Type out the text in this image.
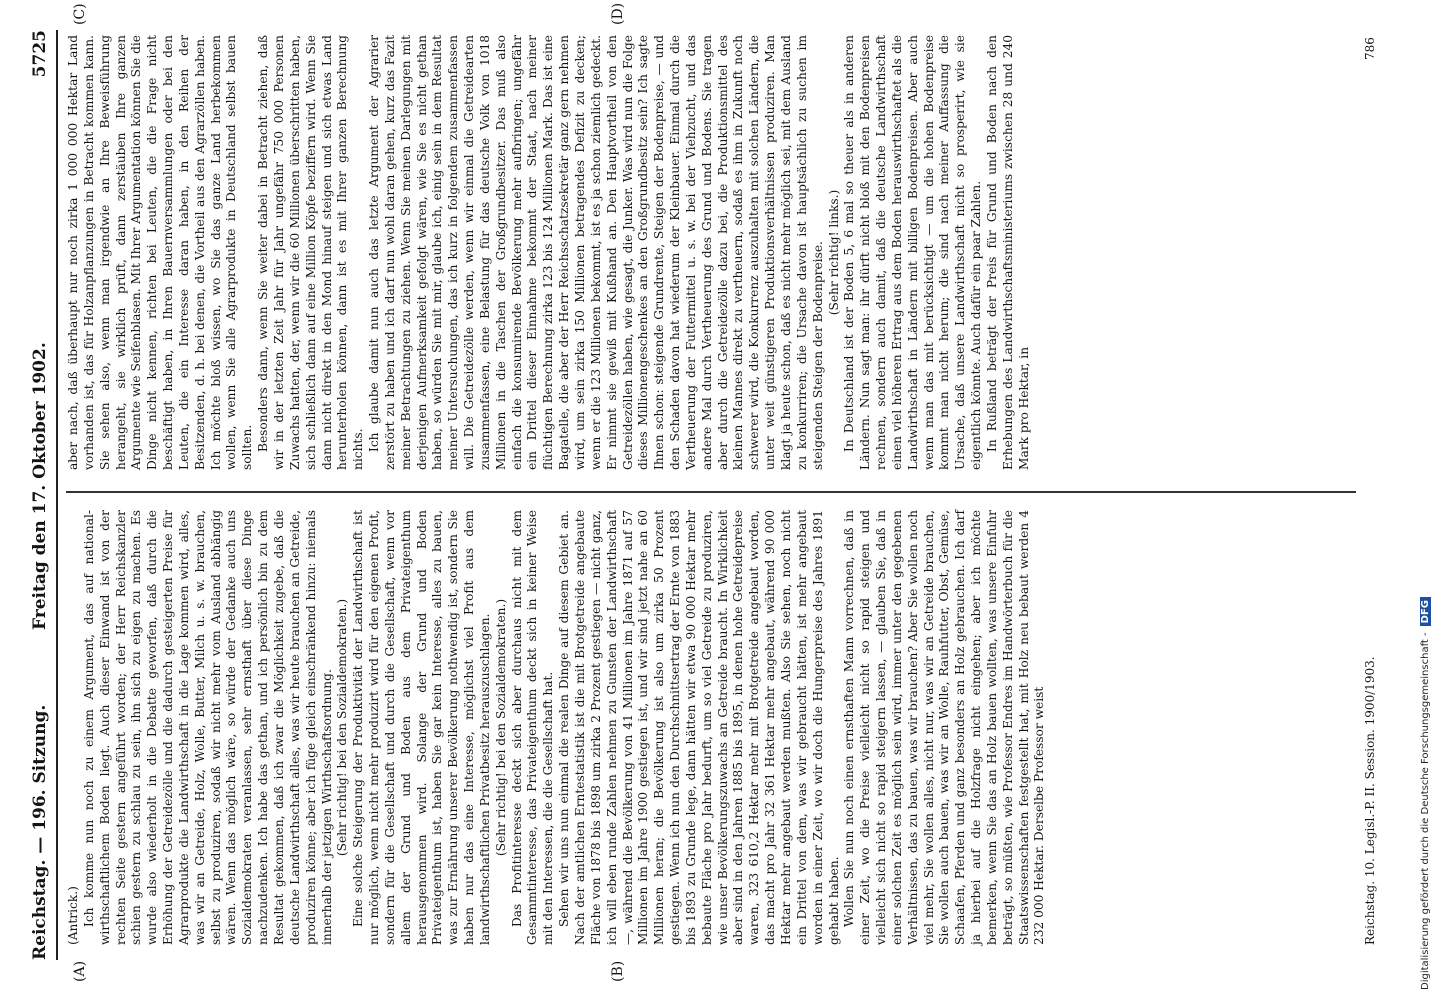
Reichstag. — 196. Sitzung.
Freitag den 17. Oktober 1902.
5725
(A)	(B)
(C)	(D)

(Antrick.) Ich komme nun noch zu einem Argument, das auf national-wirthschaftlichem Boden liegt. Auch dieser Einwand ist von der rechten Seite gestern angeführt worden; der Herr Reichskanzler schien gestern zu schlau zu sein, ihn sich zu eigen zu machen. Es wurde also wiederholt in die Debatte geworfen, daß durch die Erhöhung der Getreidezölle und die dadurch gesteigerten Preise für Agrarprodukte die Landwirthschaft in die Lage kommen wird, alles, was wir an Getreide, Holz, Wolle, Butter, Milch u. s. w. brauchen, selbst zu produziren, sodaß wir nicht mehr vom Ausland abhängig wären. Wenn das möglich wäre, so würde der Gedanke auch uns Sozialdemokraten veranlassen, sehr ernsthaft über diese Dinge nachzudenken. Ich habe das gethan, und ich persönlich bin zu dem Resultat gekommen, daß ich zwar die Möglichkeit zugebe, daß die deutsche Landwirthschaft alles, was wir heute brauchen an Getreide, produziren könne; aber ich füge gleich einschränkend hinzu: niemals innerhalb der jetzigen Wirthschaftsordnung. (Sehr richtig! bei den Sozialdemokraten.) Eine solche Steigerung der Produktivität der Landwirthschaft ist nur möglich, wenn nicht mehr produzirt wird für den eigenen Profit, sondern für die Gesellschaft und durch die Gesellschaft, wenn vor allem der Grund und Boden aus dem Privateigenthum herausgenommen wird. Solange der Grund und Boden Privateigenthum ist, haben Sie gar kein Interesse, alles zu bauen, was zur Ernährung unserer Bevölkerung nothwendig ist, sondern Sie haben nur das eine Interesse, möglichst viel Profit aus dem landwirthschaftlichen Privatbesitz herauszuschlagen. (Sehr richtig! bei den Sozialdemokraten.) Das Profitinteresse deckt sich aber durchaus nicht mit dem Gesammtinteresse, das Privateigenthum deckt sich in keiner Weise mit den Interessen, die die Gesellschaft hat. Sehen wir uns nun einmal die realen Dinge auf diesem Gebiet an. Nach der amtlichen Erntestatistik ist die mit Brotgetreide angebaute Fläche von 1878 bis 1898 um zirka 2 Prozent gestiegen — nicht ganz, ich will eben runde Zahlen nehmen zu Gunsten der Landwirthschaft —, während die Bevölkerung von 41 Millionen im Jahre 1871 auf 57 Millionen im Jahre 1900 gestiegen ist, und wir sind jetzt nahe an 60 Millionen heran; die Bevölkerung ist also um zirka 50 Prozent gestiegen. Wenn ich nun den Durchschnittsertrag der Ernte von 1883 bis 1893 zu Grunde lege, dann hätten wir etwa 90 000 Hektar mehr bebaute Fläche pro Jahr bedurft, um so viel Getreide zu produziren, wie unser Bevölkerungszuwachs an Getreide braucht. In Wirklichkeit aber sind in den Jahren 1885 bis 1895, in denen hohe Getreidepreise waren, 323 610,2 Hektar mehr mit Brotgetreide angebaut worden, das macht pro Jahr 32 361 Hektar mehr angebaut, während 90 000 Hektar mehr angebaut werden mußten. Also Sie sehen, noch nicht ein Drittel von dem, was wir gebraucht hätten, ist mehr angebaut worden in einer Zeit, wo wir doch die Hungerpreise des Jahres 1891 gehabt haben. Wollen Sie nun noch einen ernsthaften Mann vorrechnen, daß in einer Zeit, wo die Preise vielleicht nicht so rapid steigen und vielleicht sich nicht so rapid steigern lassen, — glauben Sie, daß in einer solchen Zeit es möglich sein wird, immer unter den gegebenen Verhältnissen, das zu bauen, was wir brauchen? Aber Sie wollen noch viel mehr, Sie wollen alles, nicht nur, was wir an Getreide brauchen, Sie wollen auch bauen, was wir an Wolle, Rauhfutter, Obst, Gemüse, Schaafen, Pferden und ganz besonders an Holz gebrauchen. Ich darf ja hierbei auf die Holzfrage nicht eingehen; aber ich möchte bemerken, wenn Sie das an Holz bauen wollten, was unsere Einfuhr beträgt, so müßten, wie Professor Endres im Handwörterbuch für die Staatswissenschaften festgestellt hat, mit Holz neu bebaut werden 4 232 000 Hektar. Derselbe Professor weist

aber nach, daß überhaupt nur noch zirka 1 000 000 Hektar Land vorhanden ist, das für Holzanpflanzungen in Betracht kommen kann. Sie sehen also, wenn man irgendwie an Ihre Beweisführung herangeht, sie wirklich prüft, dann zerstäuben Ihre ganzen Argumente wie Seifenblasen. Mit Ihrer Argumentation können Sie die Dinge nicht kennen, richten bei Leuten, die die Frage nicht beschäftigt haben, in Ihren Bauernversammlungen oder bei den Leuten, die ein Interesse daran haben, in den Reihen der Besitzenden, d. h. bei denen, die Vortheil aus den Agrarzöllen haben. Ich möchte bloß wissen, wo Sie das ganze Land herbekommen wollen, wenn Sie alle Agrarprodukte in Deutschland selbst bauen sollten. Besonders dann, wenn Sie weiter dabei in Betracht ziehen, daß wir in der letzten Zeit Jahr für Jahr ungefähr 750 000 Personen Zuwachs hatten, der, wenn wir die 60 Millionen überschritten haben, sich schließlich dann auf eine Million Köpfe beziffern wird. Wenn Sie dann nicht direkt in den Mond hinauf steigen und sich etwas Land herunterholen können, dann ist es mit Ihrer ganzen Berechnung nichts. Ich glaube damit nun auch das letzte Argument der Agrarier zerstört zu haben und ich darf nun wohl daran gehen, kurz das Fazit meiner Betrachtungen zu ziehen. Wenn Sie meinen Darlegungen mit derjenigen Aufmerksamkeit gefolgt wären, wie Sie es nicht gethan haben, so würden Sie mit mir, glaube ich, einig sein in dem Resultat meiner Untersuchungen, das ich kurz in folgendem zusammenfassen will. Die Getreidezölle werden, wenn wir einmal die Getreidearten zusammenfassen, eine Belastung für das deutsche Volk von 1018 Millionen in die Taschen der Großgrundbesitzer. Das muß also einfach die konsumirende Bevölkerung mehr aufbringen; ungefähr ein Drittel dieser Einnahme bekommt der Staat, nach meiner flüchtigen Berechnung zirka 123 bis 124 Millionen Mark. Das ist eine Bagatelle, die aber der Herr Reichsschatzsekretär ganz gern nehmen wird, um sein zirka 150 Millionen betragendes Defizit zu decken; wenn er die 123 Millionen bekommt, ist es ja schon ziemlich gedeckt. Er nimmt sie gewiß mit Kußhand an. Den Hauptvortheil von den Getreidezöllen haben, wie gesagt, die Junker. Was wird nun die Folge dieses Millionengeschenkes an den Großgrundbesitz sein? Ich sagte Ihnen schon: steigende Grundrente, Steigen der Bodenpreise, — und den Schaden davon hat wiederum der Kleinbauer. Einmal durch die Vertheuerung der Futtermittel u. s. w. bei der Viehzucht, und das andere Mal durch Vertheuerung des Grund und Bodens. Sie tragen aber durch die Getreidezölle dazu bei, die Produktionsmittel des kleinen Mannes direkt zu vertheuern, sodaß es ihm in Zukunft noch schwerer wird, die Konkurrenz auszuhalten mit solchen Ländern, die unter weit günstigeren Produktionsverhältnissen produziren. Man klagt ja heute schon, daß es nicht mehr möglich sei, mit dem Ausland zu konkurriren; die Ursache davon ist hauptsächlich zu suchen im steigenden Steigen der Bodenpreise. (Sehr richtig! links.) In Deutschland ist der Boden 5, 6 mal so theuer als in anderen Ländern. Nun sagt man: ihr dürft nicht bloß mit den Bodenpreisen rechnen, sondern auch damit, daß die deutsche Landwirthschaft einen viel höheren Ertrag aus dem Boden herauswirthschaftet als die Landwirthschaft in Ländern mit billigen Bodenpreisen. Aber auch wenn man das mit berücksichtigt — um die hohen Bodenpreise kommt man nicht herum; die sind nach meiner Auffassung die Ursache, daß unsere Landwirthschaft nicht so prosperirt, wie sie eigentlich könnte. Auch dafür ein paar Zahlen. In Rußland beträgt der Preis für Grund und Boden nach den Erhebungen des Landwirthschaftsministeriums zwischen 28 und 240 Mark pro Hektar, in

Reichstag. 10. Legisl.-P. II. Session. 1900/1903.
786
Digitalisierung gefördert durch die Deutsche Forschungsgemeinschaft -DFG
